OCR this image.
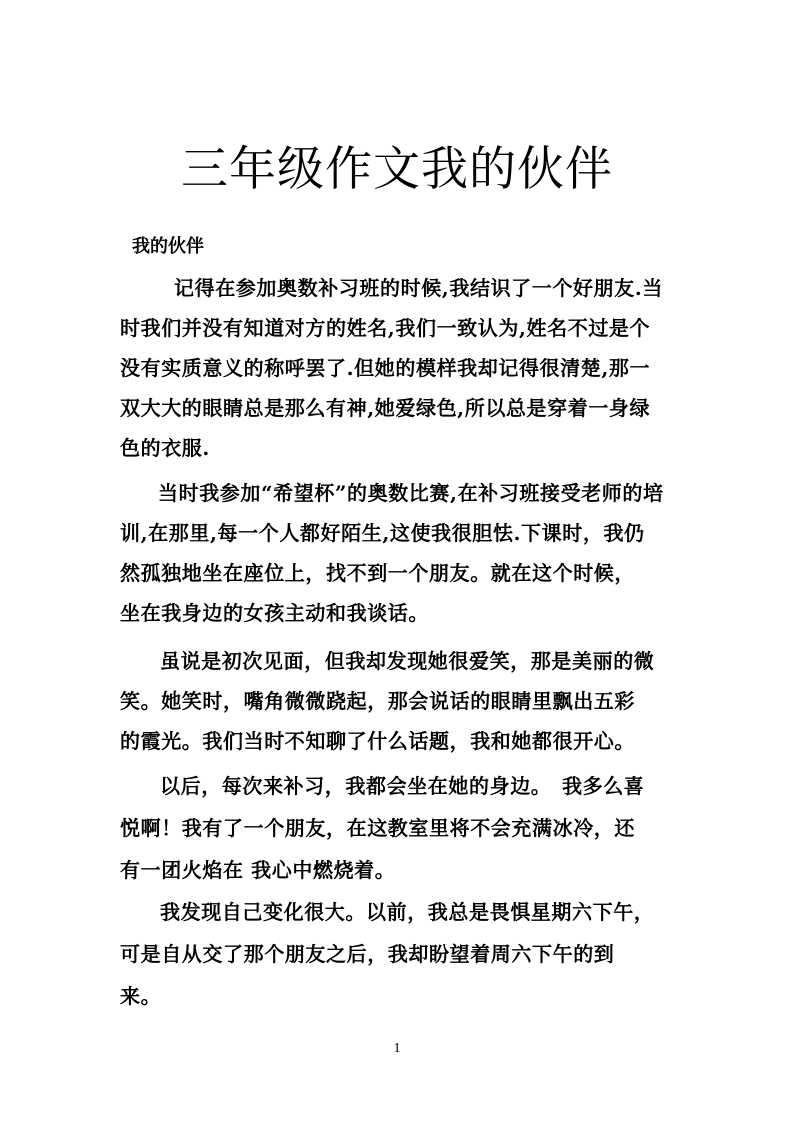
三年级作文我的伙伴
我的伙伴
记得在参加奥数补习班的时候,我结识了一个好朋友.当
时我们并没有知道对方的姓名,我们一致认为,姓名不过是个
没有实质意义的称呼罢了.但她的模样我却记得很清楚,那一
双大大的眼睛总是那么有神,她爱绿色,所以总是穿着一身绿
色的衣服.
当时我参加“希望杯”的奥数比赛,在补习班接受老师的培
训,在那里,每一个人都好陌生,这使我很胆怯.下课时，我仍
然孤独地坐在座位上，找不到一个朋友。就在这个时候，
坐在我身边的女孩主动和我谈话。
虽说是初次见面，但我却发现她很爱笑，那是美丽的微
笑。她笑时，嘴角微微跷起，那会说话的眼睛里飘出五彩
的霞光。我们当时不知聊了什么话题，我和她都很开心。
以后，每次来补习，我都会坐在她的身边。　我多么喜
悦啊！我有了一个朋友，在这教室里将不会充满冰冷，还
有一团火焰在 我心中燃烧着。
我发现自己变化很大。以前，我总是畏惧星期六下午，
可是自从交了那个朋友之后，我却盼望着周六下午的到
来。
1
